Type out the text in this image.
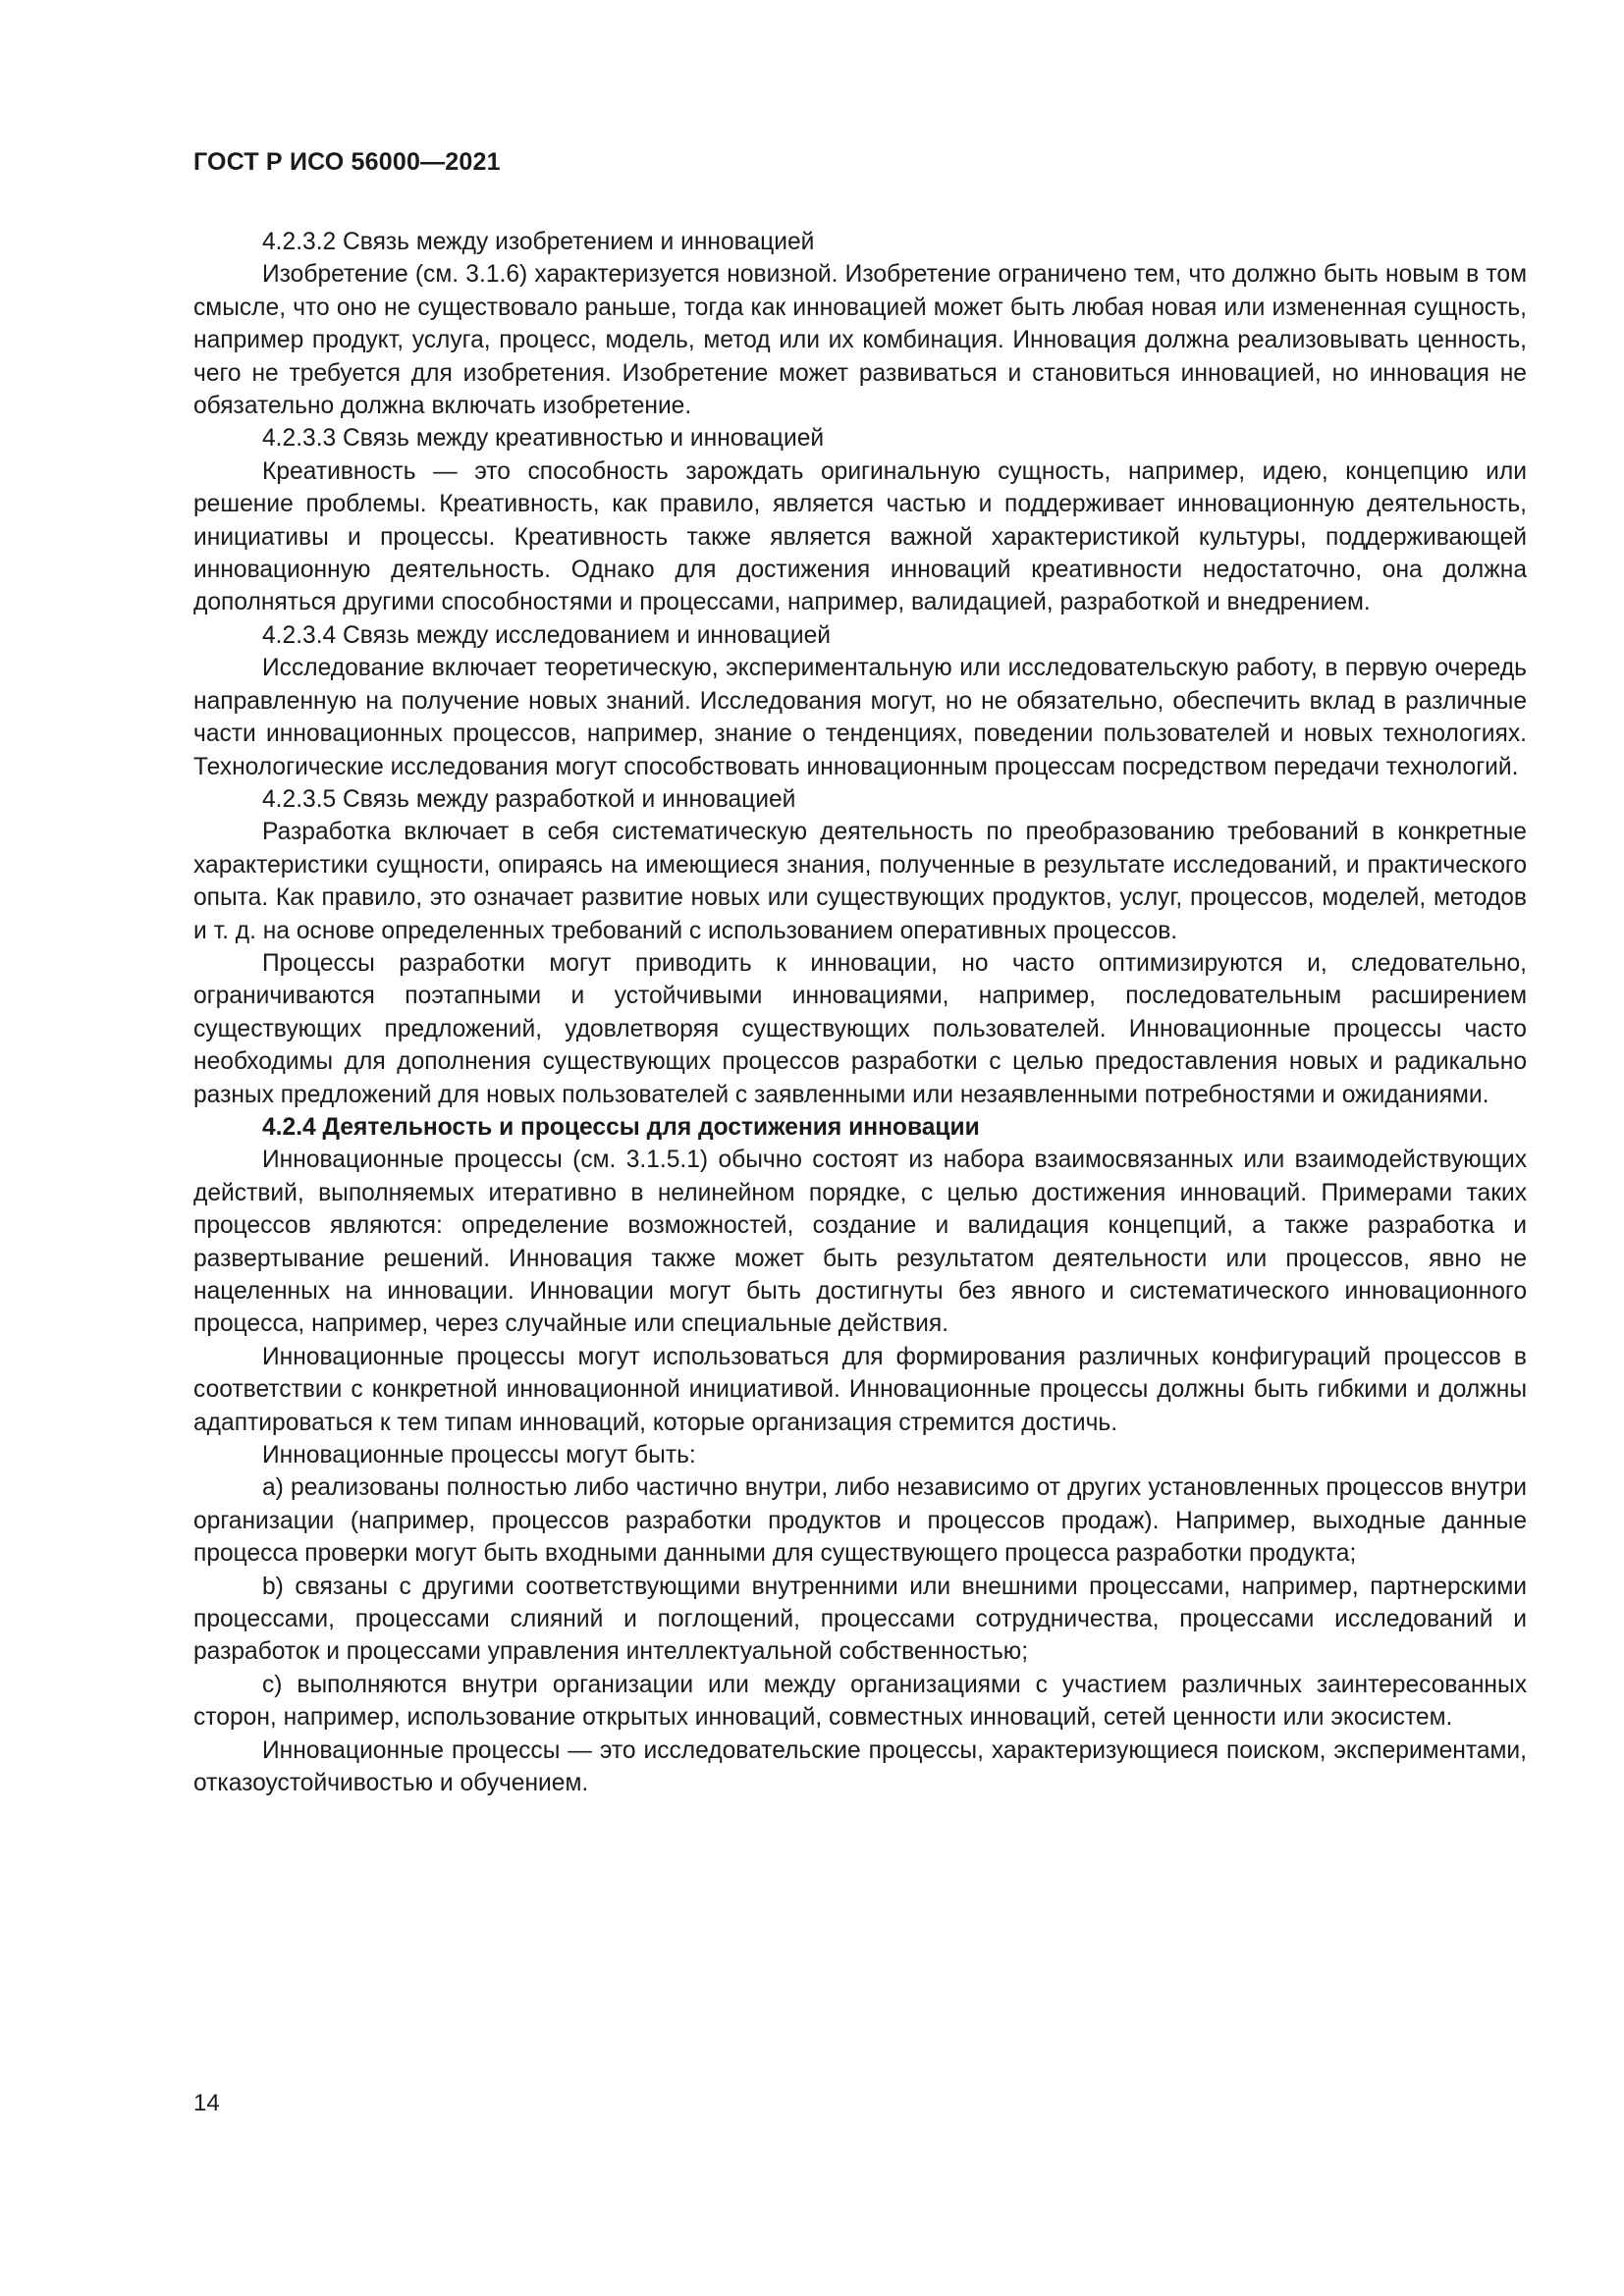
ГОСТ Р ИСО 56000—2021

4.2.3.2 Связь между изобретением и инновацией

Изобретение (см. 3.1.6) характеризуется новизной. Изобретение ограничено тем, что должно быть новым в том смысле, что оно не существовало раньше, тогда как инновацией может быть любая новая или измененная сущность, например продукт, услуга, процесс, модель, метод или их комбинация. Инновация должна реализовывать ценность, чего не требуется для изобретения. Изобретение может развиваться и становиться инновацией, но инновация не обязательно должна включать изобретение.

4.2.3.3 Связь между креативностью и инновацией

Креативность — это способность зарождать оригинальную сущность, например, идею, концепцию или решение проблемы. Креативность, как правило, является частью и поддерживает инновационную деятельность, инициативы и процессы. Креативность также является важной характеристикой культуры, поддерживающей инновационную деятельность. Однако для достижения инноваций креативности недостаточно, она должна дополняться другими способностями и процессами, например, валидацией, разработкой и внедрением.

4.2.3.4 Связь между исследованием и инновацией

Исследование включает теоретическую, экспериментальную или исследовательскую работу, в первую очередь направленную на получение новых знаний. Исследования могут, но не обязательно, обеспечить вклад в различные части инновационных процессов, например, знание о тенденциях, поведении пользователей и новых технологиях. Технологические исследования могут способствовать инновационным процессам посредством передачи технологий.

4.2.3.5 Связь между разработкой и инновацией

Разработка включает в себя систематическую деятельность по преобразованию требований в конкретные характеристики сущности, опираясь на имеющиеся знания, полученные в результате исследований, и практического опыта. Как правило, это означает развитие новых или существующих продуктов, услуг, процессов, моделей, методов и т. д. на основе определенных требований с использованием оперативных процессов.

Процессы разработки могут приводить к инновации, но часто оптимизируются и, следовательно, ограничиваются поэтапными и устойчивыми инновациями, например, последовательным расширением существующих предложений, удовлетворяя существующих пользователей. Инновационные процессы часто необходимы для дополнения существующих процессов разработки с целью предоставления новых и радикально разных предложений для новых пользователей с заявленными или незаявленными потребностями и ожиданиями.

4.2.4 Деятельность и процессы для достижения инновации

Инновационные процессы (см. 3.1.5.1) обычно состоят из набора взаимосвязанных или взаимодействующих действий, выполняемых итеративно в нелинейном порядке, с целью достижения инноваций. Примерами таких процессов являются: определение возможностей, создание и валидация концепций, а также разработка и развертывание решений. Инновация также может быть результатом деятельности или процессов, явно не нацеленных на инновации. Инновации могут быть достигнуты без явного и систематического инновационного процесса, например, через случайные или специальные действия.

Инновационные процессы могут использоваться для формирования различных конфигураций процессов в соответствии с конкретной инновационной инициативой. Инновационные процессы должны быть гибкими и должны адаптироваться к тем типам инноваций, которые организация стремится достичь.

Инновационные процессы могут быть:

а) реализованы полностью либо частично внутри, либо независимо от других установленных процессов внутри организации (например, процессов разработки продуктов и процессов продаж). Например, выходные данные процесса проверки могут быть входными данными для существующего процесса разработки продукта;

b) связаны с другими соответствующими внутренними или внешними процессами, например, партнерскими процессами, процессами слияний и поглощений, процессами сотрудничества, процессами исследований и разработок и процессами управления интеллектуальной собственностью;

c) выполняются внутри организации или между организациями с участием различных заинтересованных сторон, например, использование открытых инноваций, совместных инноваций, сетей ценности или экосистем.

Инновационные процессы — это исследовательские процессы, характеризующиеся поиском, экспериментами, отказоустойчивостью и обучением.

14
